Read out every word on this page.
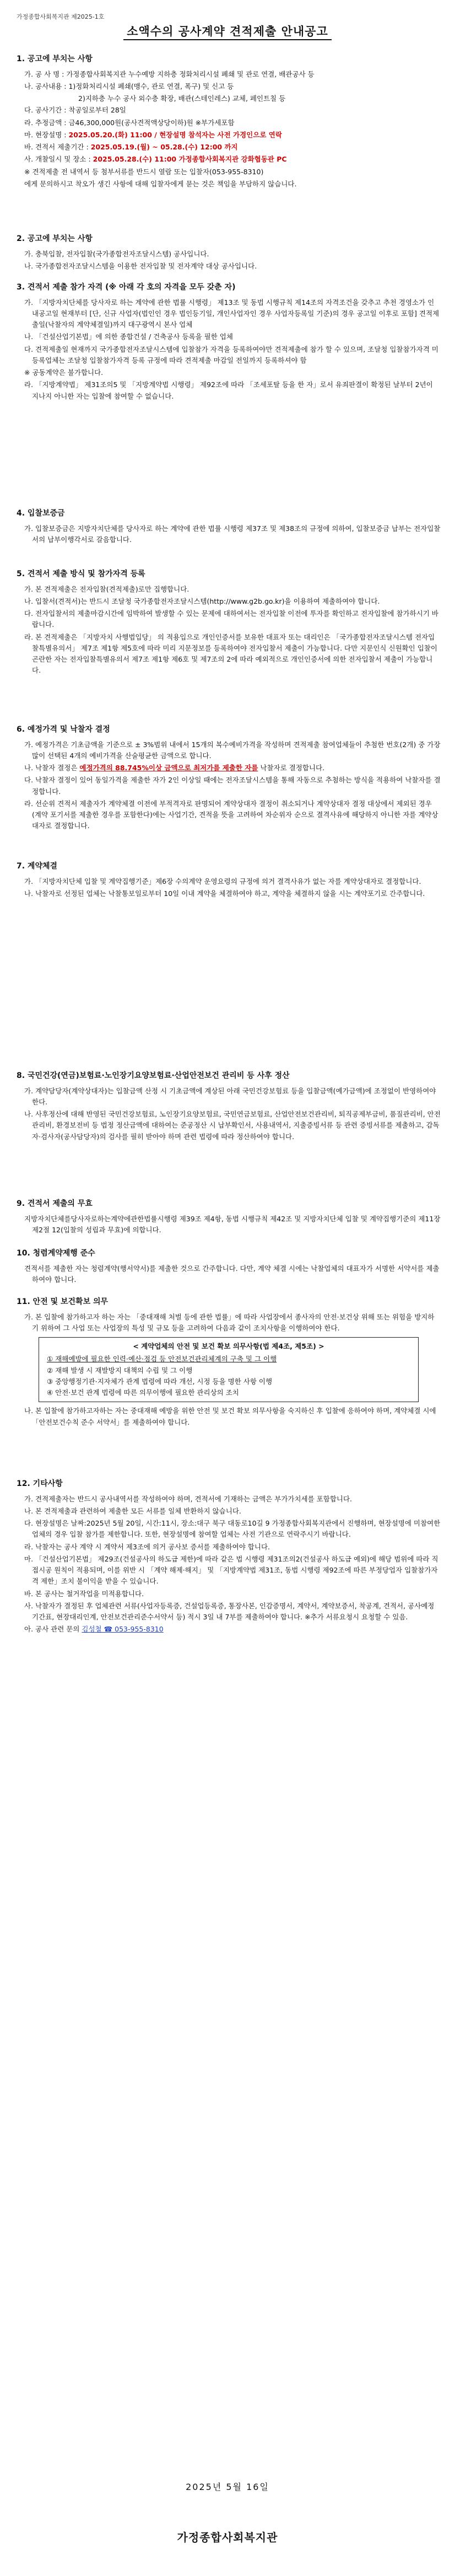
가정종합사회복지관 제2025-1호
소액수의 공사계약 견적제출 안내공고
1. 공고에 부치는 사항
가. 공 사 명 : 가정종합사회복지관 누수예방 지하층 정화처리시설 폐쇄 및 관로 연결, 배관공사 등
나. 공사내용 : 1)정화처리시설 폐쇄(맹수, 관로 연결, 폭구) 및 신고 등
2)지하층 누수 공사 외수층 확장, 배관(스테인레스) 교체, 페인트칠 등
다. 공사기간 : 착공일로부터 28일
라. 추정금액 : 금46,300,000원(공사견적액상당이하)원 ※부가세포함
마. 현장설명 : 2025.05.20.(화) 11:00 / 현장설명 참석자는 사전 가경인으로 연락
바. 견적서 제출기간 : 2025.05.19.(월) ~ 05.28.(수) 12:00 까지
사. 개찰일시 및 장소 : 2025.05.28.(수) 11:00 가정종합사회복지관 강화협동관 PC
※ 견적제출 전 내역서 등 첨부서류를 반드시 열람 또는 입찰자(053-955-8310)
에게 문의하시고 착오가 생긴 사항에 대해 입찰자에게 묻는 것은 책임을 부담하지 않습니다.
2. 공고에 부치는 사항
가. 충북입찰, 전자입찰(국가종합전자조달시스템) 공사입니다.
나. 국가종합전자조달시스템을 이용한 전자입찰 및 전자계약 대상 공사입니다.
3. 견적서 제출 참가 자격 (※ 아래 각 호의 자격을 모두 갖춘 자)
가. 「지방자치단체를 당사자로 하는 계약에 관한 법률 시행령」 제13조 및 동법 시행규칙 제14조의 자격조건을 갖추고 추천 경영소가 인내공고일 현재부터 [단, 신규 사업자(법인인 경우 법인등기일, 개인사업자인 경우 사업자등록일 기준)의 경우 공고일 이후로 포함] 견적제출일(낙찰자의 계약체결일)까지 대구광역시 본사 업체
나. 「건설산업기본법」에 의한 종합건설 / 건축공사 등록을 필한 업체
다. 견적제출일 현재까지 국가종합전자조달시스템에 입찰참가 자격을 등록하여야만 견적제출에 참가 할 수 있으며, 조달청 입찰참가자격 미 등록업체는 조달청 입찰참가자격 등록 규정에 따라 견적제출 마감일 전일까지 등록하셔야 함
※ 공동계약은 불가합니다.
라. 「지방계약법」 제31조의5 및 「지방계약법 시행령」 제92조에 따라 「조세포탈 등을 한 자」로서 유죄판결이 확정된 날부터 2년이 지나지 아니한 자는 입찰에 참여할 수 없습니다.
4. 입찰보증금
가. 입찰보증금은 지방자치단체를 당사자로 하는 계약에 관한 법률 시행령 제37조 및 제38조의 규정에 의하여, 입찰보증금 납부는 전자입찰서의 납부이행각서로 갈음합니다.
5. 견적서 제출 방식 및 참가자격 등록
가. 본 견적제출은 전자입찰(견적제출)로만 집행합니다.
나. 입찰서(견적서)는 반드시 조달청 국가종합전자조달시스템(http://www.g2b.go.kr)을 이용하여 제출하여야 합니다.
다. 전자입찰서의 제출마감시간에 임박하여 발생할 수 있는 문제에 대하여서는 전자입찰 이전에 투자를 확인하고 전자입찰에 참가하시기 바랍니다.
라. 본 견적제출은 「지방자치 사행법입당」 의 적용입으로 개인인증서를 보유한 대표자 또는 대리인은 「국가종합전자조달시스템 전자입찰특별유의서」 제7조 제1항 제5호에 따라 미리 지문정보를 등록하여야 전자입찰서 제출이 가능합니다. 다만 지문인식 신원확인 입찰이 곤란한 자는 전자입찰특별유의서 제7조 제1항 제6호 및 제7조의 2에 따라 예외적으로 개인인증서에 의한 전자입찰서 제출이 가능합니다.
6. 예정가격 및 낙찰자 결정
가. 예정가격은 기초금액을 기준으로 ± 3%범위 내에서 15개의 복수예비가격을 작성하며 견적제출 참여업체들이 추첨한 번호(2개) 중 가장 많이 선택된 4개의 예비가격을 산술평균한 금액으로 합니다.
나. 낙찰자 결정은 예정가격의 88.745%이상 금액으로 최저가를 제출한 자를 낙찰자로 결정합니다.
다. 낙찰자 결정이 있어 동일가격을 제출한 자가 2인 이상일 때에는 전자조달시스템을 통해 자동으로 추첨하는 방식을 적용하여 낙찰자를 결정합니다.
라. 선순위 견적서 제출자가 계약체결 이전에 부적격자로 판명되어 계약상대자 결정이 취소되거나 계약상대자 결정 대상에서 제외된 경우(계약 포기서를 제출한 경우를 포함한다)에는 사업기간, 견적을 뜻을 고려하여 차순위자 순으로 결격사유에 해당하지 아니한 자를 계약상대자로 결정합니다.
7. 계약체결
가. 「지방자치단체 입찰 및 계약집행기준」제6장 수의계약 운영요령의 규정에 의거 결격사유가 없는 자를 계약상대자로 결정합니다.
나. 낙찰자로 선정된 업체는 낙찰통보일로부터 10일 이내 계약을 체결하여야 하고, 계약을 체결하지 않을 시는 계약포기로 간주합니다.
8. 국민건강(연금)보험료·노인장기요양보험료·산업안전보건 관리비 등 사후 정산
가. 계약담당자(계약상대자)는 입찰금액 산정 시 기초금액에 계상된 아래 국민건강보험료 등을 입찰금액(예가금액)에 조정없이 반영하여야 한다.
나. 사후정산에 대해 반영된 국민건강보험료, 노인장기요양보험료, 국민연금보험료, 산업안전보건관리비, 퇴직공제부금비, 품질관리비, 안전관리비, 환경보전비 등 법정 정산금액에 대하여는 준공정산 시 납부확인서, 사용내역서, 지출증빙서류 등 관련 증빙서류를 제출하고, 감독자·검사자(공사담당자)의 검사를 필히 받아야 하며 관련 법령에 따라 정산하여야 합니다.
9. 견적서 제출의 무효
지방자치단체를당사자로하는계약에관한법률시행령 제39조 제4항, 동법 시행규칙 제42조 및 지방자치단체 입찰 및 계약집행기준의 제11장 제2절 12(입찰의 성립과 무효)에 의합니다.
10. 청렴계약제행 준수
견적서를 제출한 자는 청렴계약(행서약서)를 제출한 것으로 간주합니다. 다만, 계약 체결 시에는 낙찰업체의 대표자가 서명한 서약서를 제출하여야 합니다.
11. 안전 및 보건확보 의무
가. 본 입찰에 참가하고자 하는 자는 「중대재해 처벌 등에 관한 법률」에 따라 사업장에서 종사자의 안전·보건상 위해 또는 위험을 방지하기 위하여 그 사업 또는 사업장의 특성 및 규모 등을 고려하여 다음과 같이 조치사항을 이행하여야 한다.
< 계약업체의 안전 및 보건 확보 의무사항(법 제4조, 제5조) >
① 재해예방에 필요한 인력·예산·점검 등 안전보건관리체계의 구축 및 그 이행
② 재해 발생 시 재발방지 대책의 수립 및 그 이행
③ 중앙행정기관·지자체가 관계 법령에 따라 개선, 시정 등을 명한 사항 이행
④ 안전·보건 관계 법령에 따른 의무이행에 필요한 관리상의 조치
나. 본 입찰에 참가하고자하는 자는 중대재해 예방을 위한 안전 및 보건 확보 의무사항을 숙지하신 후 입찰에 응하여야 하며, 계약체결 시에 「안전보건수칙 준수 서약서」를 제출하여야 합니다.
12. 기타사항
가. 견적제출자는 반드시 공사내역서를 작성하여야 하며, 견적서에 기재하는 금액은 부가가치세를 포함합니다.
나. 본 견적제출과 관련하여 제출한 모든 서류를 일체 반환하지 않습니다.
다. 현장설명은 날짜:2025년 5월 20일, 시간:11시, 장소:대구 북구 대동로10길 9 가정종합사회복지관에서 진행하며, 현장설명에 미참여한 업체의 경우 입찰 참가를 제한합니다. 또한, 현장설명에 참여할 업체는 사전 기관으로 연락주시기 바랍니다.
라. 낙찰자는 공사 계약 시 계약서 제3조에 의거 공사보 증서를 제출하여야 합니다.
마. 「건설산업기본법」 제29조(건설공사의 하도급 제한)에 따라 같은 법 시행령 제31조의2(건설공사 하도급 예외)에 해당 범위에 따라 직접시공 원칙이 적용되며, 이를 위반 시 「계약 해제·해지」 및 「지방계약법 제31조, 동법 시행령 제92조에 따른 부정당업자 입찰참가자격 제한」조치 불이익을 받을 수 있습니다.
바. 본 공사는 철거작업을 미적용합니다.
사. 낙찰자가 결정된 후 업체관련 서류(사업자등록증, 건설업등록증, 통장사본, 인감증명서, 계약서, 계약보증서, 착공계, 견적서, 공사예정기간표, 현장대리인계, 안전보건관리준수서약서 등) 적시 3일 내 7부를 제출하여야 합니다. ※추가 서류요청시 요청할 수 있음.
아. 공사 관련 문의 김성철 ☎ 053-955-8310
2025년 5월 16일
가정종합사회복지관
